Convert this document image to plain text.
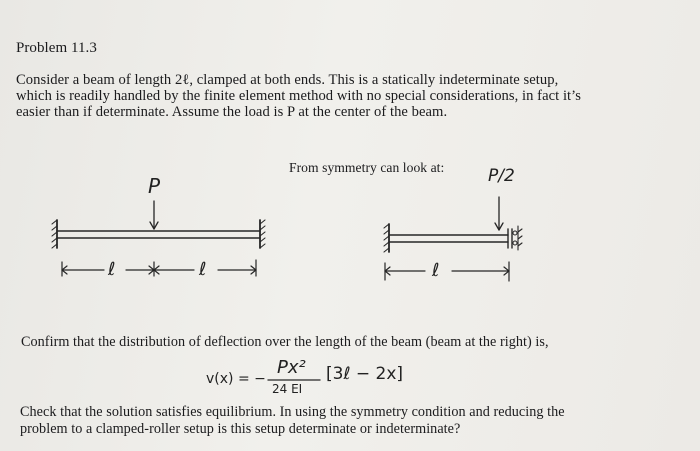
Problem 11.3
Consider a beam of length 2ℓ, clamped at both ends. This is a statically indeterminate setup,
which is readily handled by the finite element method with no special considerations, in fact it’s
easier than if determinate. Assume the load is P at the center of the beam.
From symmetry can look at:
P	P/2
ℓ	ℓ	ℓ
Confirm that the distribution of deflection over the length of the beam (beam at the right) is,
v(x) = −
Px²
24 EI
[3ℓ − 2x]
Check that the solution satisfies equilibrium. In using the symmetry condition and reducing the
problem to a clamped-roller setup is this setup determinate or indeterminate?
